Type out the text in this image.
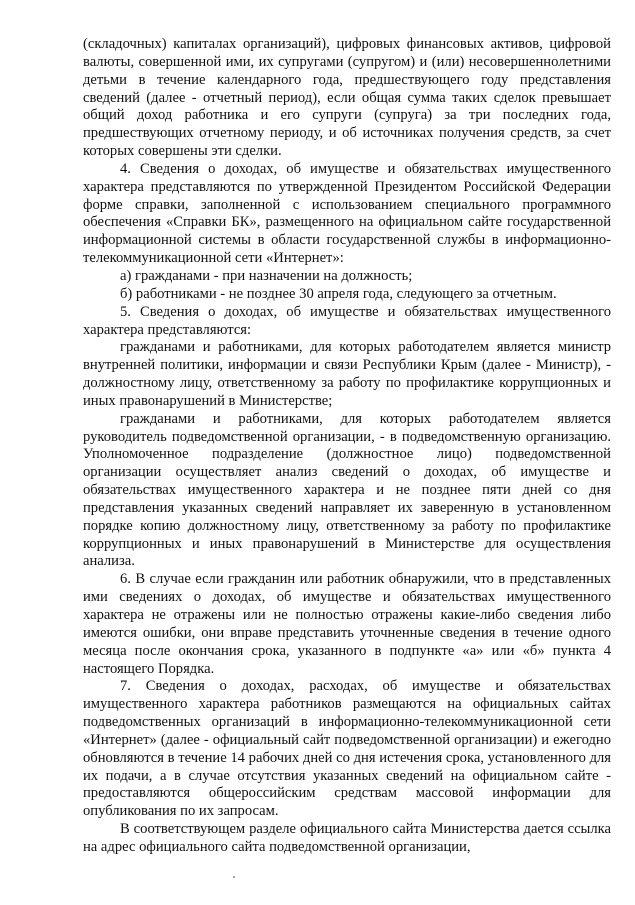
(складочных) капиталах организаций), цифровых финансовых активов, цифровой валюты, совершенной ими, их супругами (супругом) и (или) несовершеннолетними детьми в течение календарного года, предшествующего году представления сведений (далее - отчетный период), если общая сумма таких сделок превышает общий доход работника и его супруги (супруга) за три последних года, предшествующих отчетному периоду, и об источниках получения средств, за счет которых совершены эти сделки.

4. Сведения о доходах, об имуществе и обязательствах имущественного характера представляются по утвержденной Президентом Российской Федерации форме справки, заполненной с использованием специального программного обеспечения «Справки БК», размещенного на официальном сайте государственной информационной системы в области государственной службы в информационно-телекоммуникационной сети «Интернет»:

а) гражданами - при назначении на должность;

б) работниками - не позднее 30 апреля года, следующего за отчетным.

5. Сведения о доходах, об имуществе и обязательствах имущественного характера представляются:

гражданами и работниками, для которых работодателем является министр внутренней политики, информации и связи Республики Крым (далее - Министр), - должностному лицу, ответственному за работу по профилактике коррупционных и иных правонарушений в Министерстве;

гражданами и работниками, для которых работодателем является руководитель подведомственной организации, - в подведомственную организацию. Уполномоченное подразделение (должностное лицо) подведомственной организации осуществляет анализ сведений о доходах, об имуществе и обязательствах имущественного характера и не позднее пяти дней со дня представления указанных сведений направляет их заверенную в установленном порядке копию должностному лицу, ответственному за работу по профилактике коррупционных и иных правонарушений в Министерстве для осуществления анализа.

6. В случае если гражданин или работник обнаружили, что в представленных ими сведениях о доходах, об имуществе и обязательствах имущественного характера не отражены или не полностью отражены какие-либо сведения либо имеются ошибки, они вправе представить уточненные сведения в течение одного месяца после окончания срока, указанного в подпункте «а» или «б» пункта 4 настоящего Порядка.

7. Сведения о доходах, расходах, об имуществе и обязательствах имущественного характера работников размещаются на официальных сайтах подведомственных организаций в информационно-телекоммуникационной сети «Интернет» (далее - официальный сайт подведомственной организации) и ежегодно обновляются в течение 14 рабочих дней со дня истечения срока, установленного для их подачи, а в случае отсутствия указанных сведений на официальном сайте - предоставляются общероссийским средствам массовой информации для опубликования по их запросам.

В соответствующем разделе официального сайта Министерства дается ссылка на адрес официального сайта подведомственной организации,
